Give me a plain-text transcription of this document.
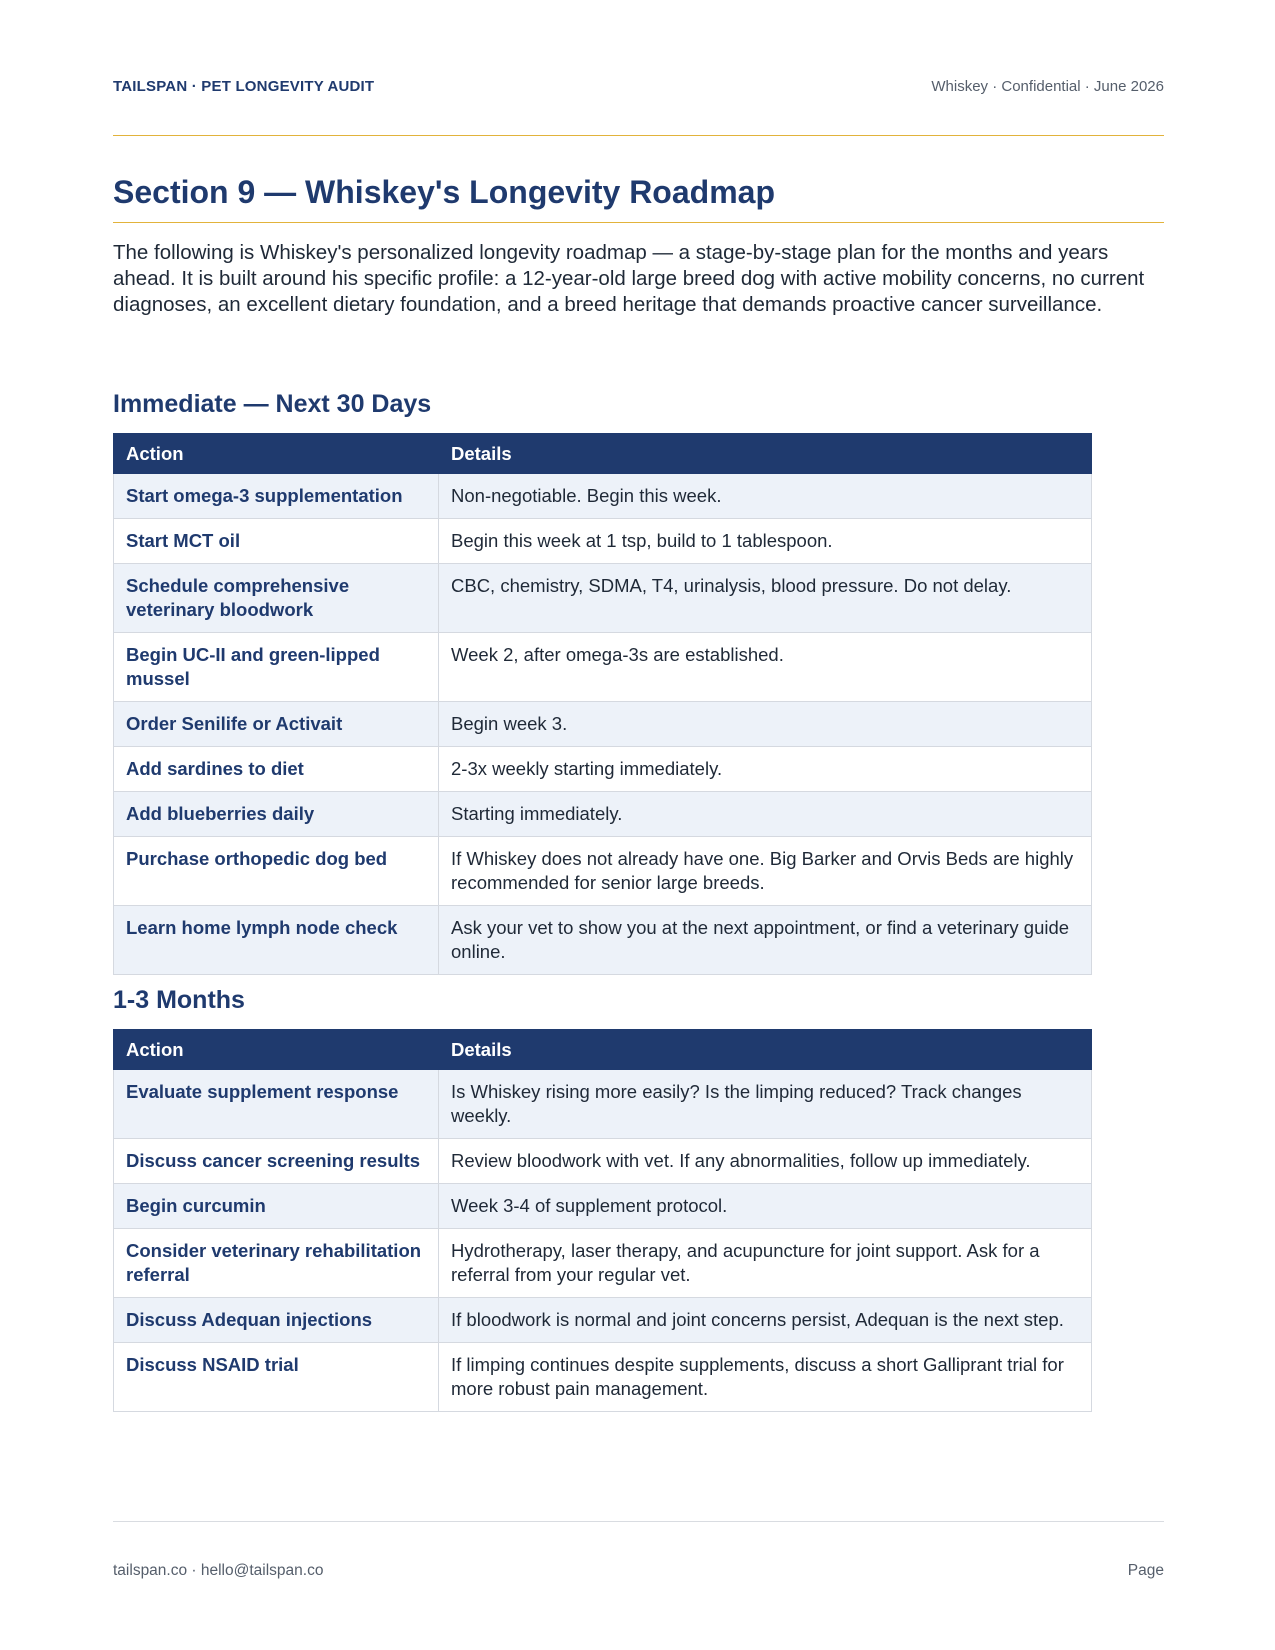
TAILSPAN · PET LONGEVITY AUDIT	Whiskey · Confidential · June 2026
Section 9 — Whiskey's Longevity Roadmap

The following is Whiskey's personalized longevity roadmap — a stage-by-stage plan for the months and years ahead. It is built around his specific profile: a 12-year-old large breed dog with active mobility concerns, no current diagnoses, an excellent dietary foundation, and a breed heritage that demands proactive cancer surveillance.

Immediate — Next 30 Days
Action	Details
Start omega-3 supplementation	Non-negotiable. Begin this week.
Start MCT oil	Begin this week at 1 tsp, build to 1 tablespoon.
Schedule comprehensive veterinary bloodwork	CBC, chemistry, SDMA, T4, urinalysis, blood pressure. Do not delay.
Begin UC-II and green-lipped mussel	Week 2, after omega-3s are established.
Order Senilife or Activait	Begin week 3.
Add sardines to diet	2-3x weekly starting immediately.
Add blueberries daily	Starting immediately.
Purchase orthopedic dog bed	If Whiskey does not already have one. Big Barker and Orvis Beds are highly recommended for senior large breeds.
Learn home lymph node check	Ask your vet to show you at the next appointment, or find a veterinary guide online.
1-3 Months
Action	Details
Evaluate supplement response	Is Whiskey rising more easily? Is the limping reduced? Track changes weekly.
Discuss cancer screening results	Review bloodwork with vet. If any abnormalities, follow up immediately.
Begin curcumin	Week 3-4 of supplement protocol.
Consider veterinary rehabilitation referral	Hydrotherapy, laser therapy, and acupuncture for joint support. Ask for a referral from your regular vet.
Discuss Adequan injections	If bloodwork is normal and joint concerns persist, Adequan is the next step.
Discuss NSAID trial	If limping continues despite supplements, discuss a short Galliprant trial for more robust pain management.
tailspan.co · hello@tailspan.co	Page
